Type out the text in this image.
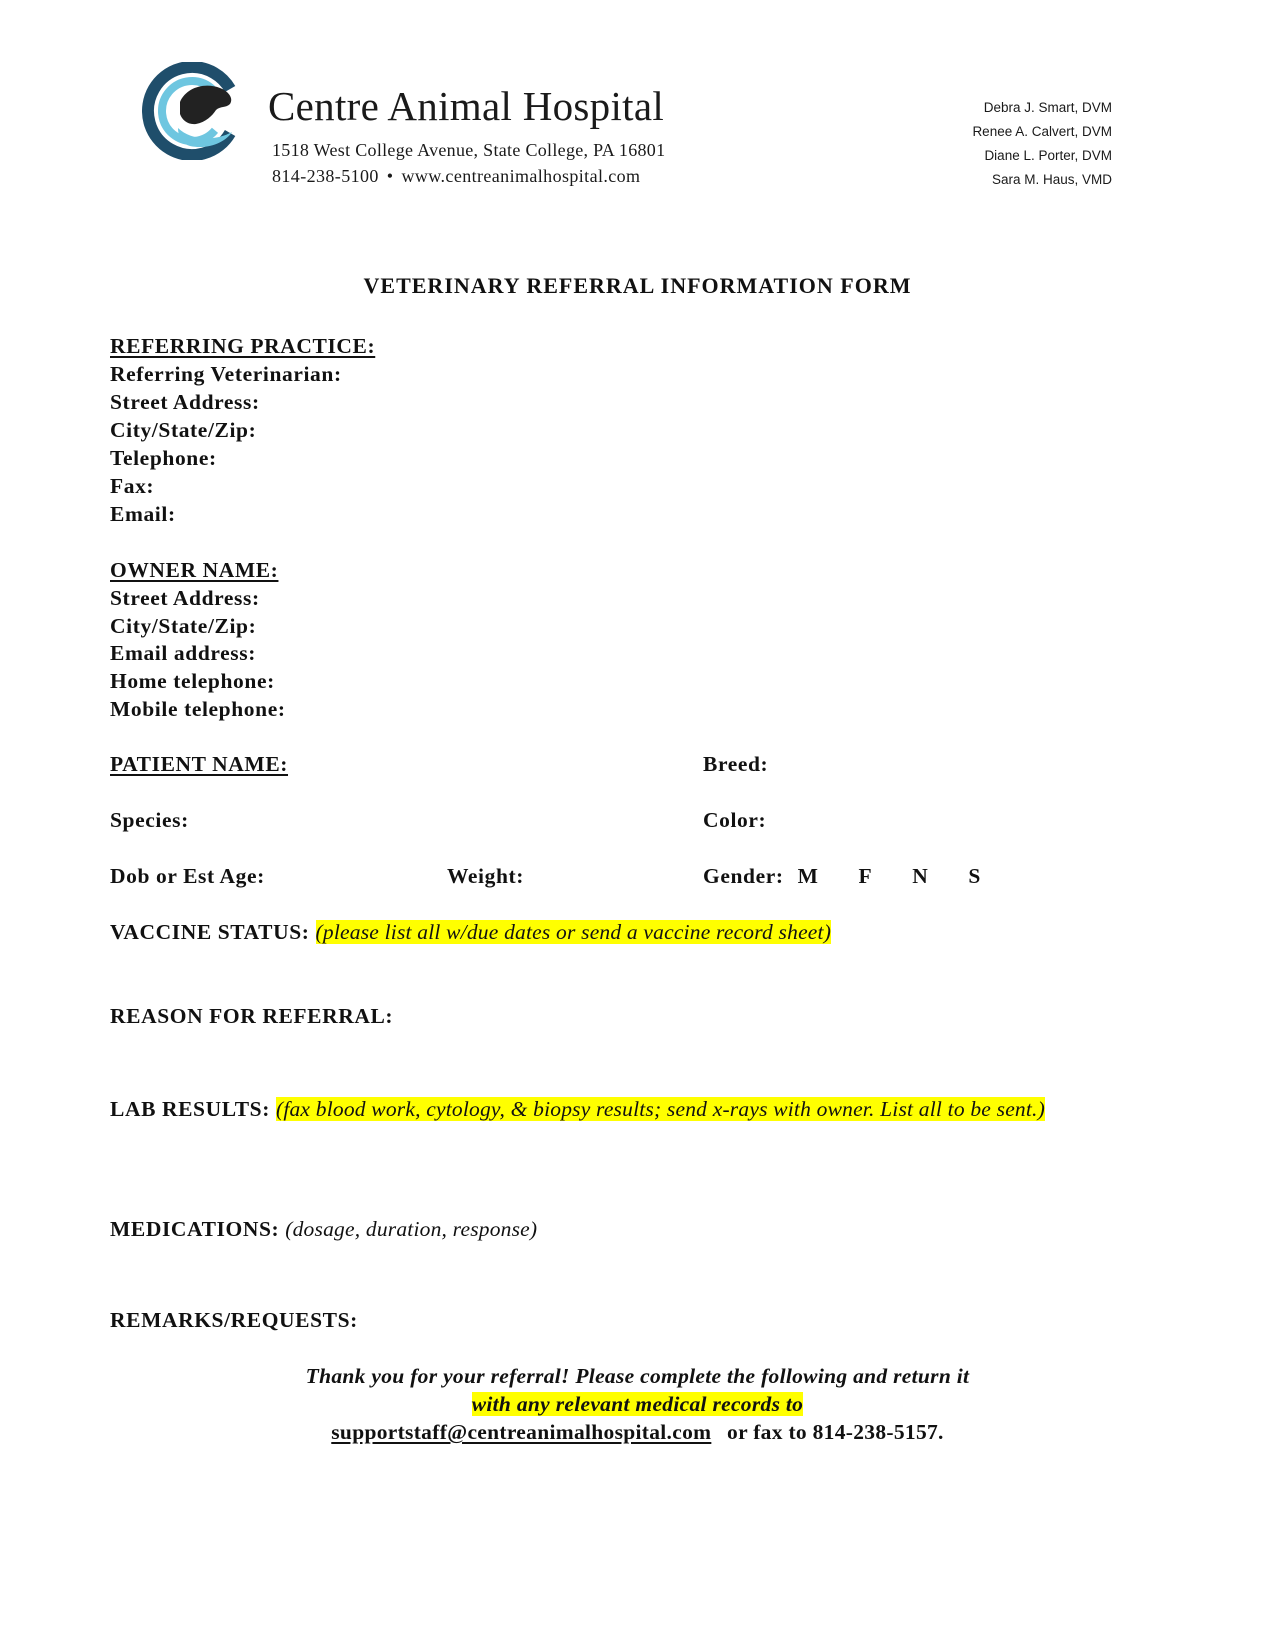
Centre Animal Hospital
1518 West College Avenue, State College, PA 16801
814-238-5100 • www.centreanimalhospital.com
Debra J. Smart, DVM
Renee A. Calvert, DVM
Diane L. Porter, DVM
Sara M. Haus, VMD
VETERINARY REFERRAL INFORMATION FORM
REFERRING PRACTICE:
Referring Veterinarian:
Street Address:
City/State/Zip:
Telephone:
Fax:
Email:
OWNER NAME:
Street Address:
City/State/Zip:
Email address:
Home telephone:
Mobile telephone:
PATIENT NAME:	Breed:
Species:	Color:
Dob or Est Age:	Weight:	Gender: M F N S
VACCINE STATUS: (please list all w/due dates or send a vaccine record sheet)
REASON FOR REFERRAL:
LAB RESULTS: (fax blood work, cytology, & biopsy results; send x-rays with owner. List all to be sent.)
MEDICATIONS: (dosage, duration, response)
REMARKS/REQUESTS:
Thank you for your referral! Please complete the following and return it
with any relevant medical records to
supportstaff@centreanimalhospital.com or fax to 814-238-5157.
